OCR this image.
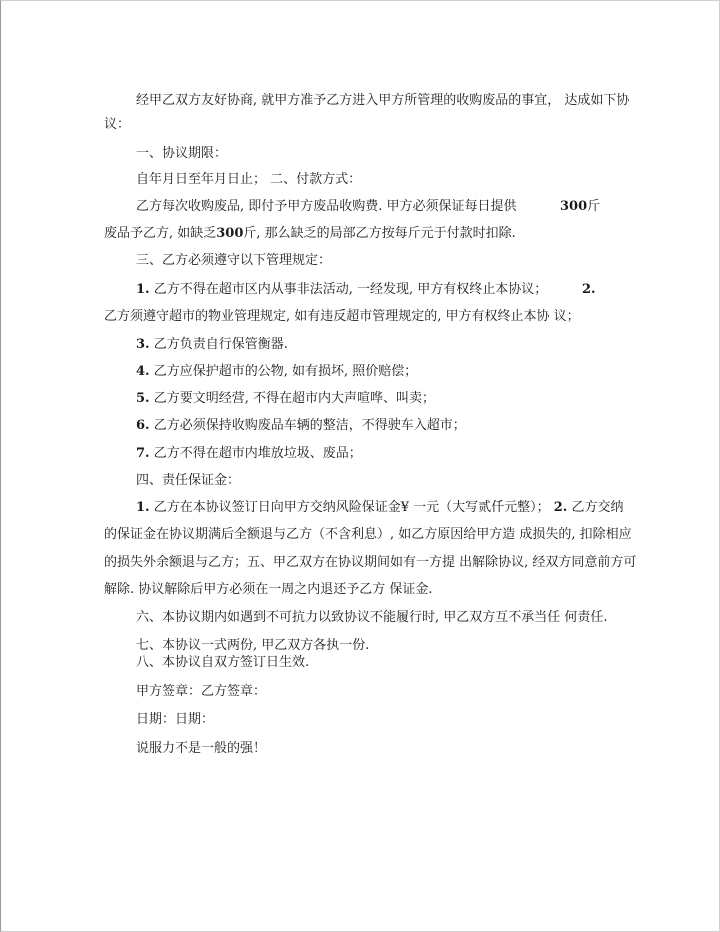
经甲乙双方友好协商, 就甲方准予乙方进入甲方所管理的收购废品的事宜， 达成如下协
议：
一、协议期限：
自年月日至年月日止； 二、付款方式：
乙方每次收购废品, 即付予甲方废品收购费. 甲方必须保证每日提供	300斤
废品予乙方, 如缺乏300斤, 那么缺乏的局部乙方按每斤元于付款时扣除.
三、乙方必须遵守以下管理规定：
1. 乙方不得在超市区内从事非法活动, 一经发现, 甲方有权终止本协议；	2.
乙方须遵守超市的物业管理规定, 如有违反超市管理规定的, 甲方有权终止本协 议；
3. 乙方负责自行保管衡器.
4. 乙方应保护超市的公物, 如有损坏, 照价赔偿；
5. 乙方要文明经营, 不得在超市内大声喧哗、叫卖；
6. 乙方必须保持收购废品车辆的整洁，不得驶车入超市；
7. 乙方不得在超市内堆放垃圾、废品；
四、责任保证金：
1. 乙方在本协议签订日向甲方交纳风险保证金¥ 一元（大写贰仟元整）； 2. 乙方交纳
的保证金在协议期满后全额退与乙方（不含利息）, 如乙方原因给甲方造 成损失的, 扣除相应
的损失外余额退与乙方；五、甲乙双方在协议期间如有一方提 出解除协议, 经双方同意前方可
解除. 协议解除后甲方必须在一周之内退还予乙方 保证金.
六、本协议期内如遇到不可抗力以致协议不能履行时, 甲乙双方互不承当任 何责任.
七、本协议一式两份, 甲乙双方各执一份.
八、本协议自双方签订日生效.
甲方签章：乙方签章：
日期：日期：
说服力不是一般的强！
